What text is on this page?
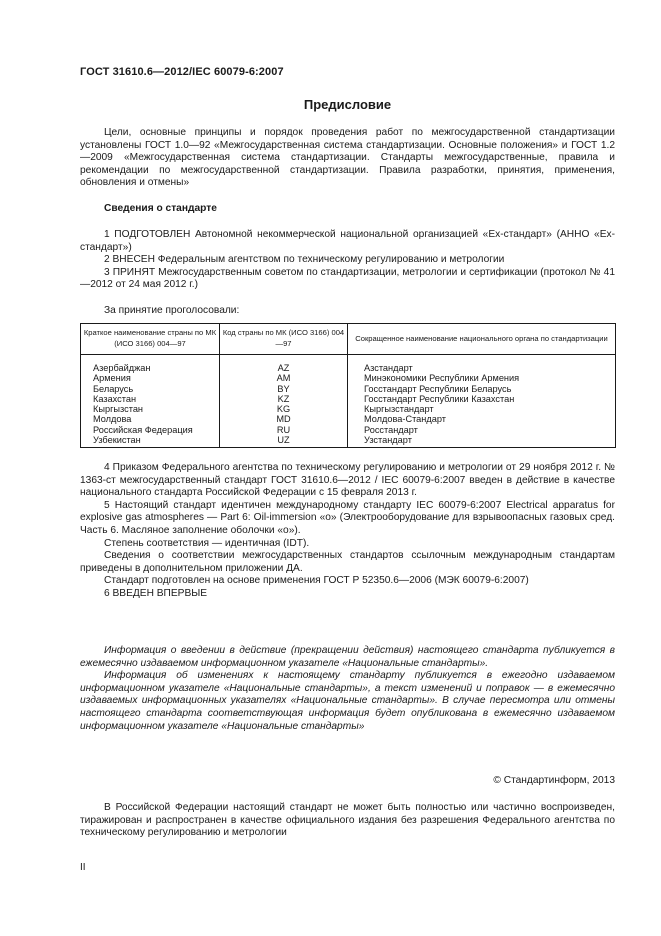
ГОСТ 31610.6—2012/IEC 60079-6:2007
Предисловие

Цели, основные принципы и порядок проведения работ по межгосударственной стандартизации установлены ГОСТ 1.0—92 «Межгосударственная система стандартизации. Основные положения» и ГОСТ 1.2—2009 «Межгосударственная система стандартизации. Стандарты межгосударственные, правила и рекомендации по межгосударственной стандартизации. Правила разработки, принятия, применения, обновления и отмены»

Сведения о стандарте

1 ПОДГОТОВЛЕН Автономной некоммерческой национальной организацией «Ех-стандарт» (АННО «Ех-стандарт»)

2 ВНЕСЕН Федеральным агентством по техническому регулированию и метрологии

3 ПРИНЯТ Межгосударственным советом по стандартизации, метрологии и сертификации (протокол № 41—2012 от 24 мая 2012 г.)

За принятие проголосовали:

Краткое наименование страны по МК (ИСО 3166) 004—97	Код страны по МК (ИСО 3166) 004—97	Сокращенное наименование национального органа по стандартизации
Азербайджан	AZ	Азстандарт
Армения	AM	Минэкономики Республики Армения
Беларусь	BY	Госстандарт Республики Беларусь
Казахстан	KZ	Госстандарт Республики Казахстан
Кыргызстан	KG	Кыргызстандарт
Молдова	MD	Молдова-Стандарт
Российская Федерация	RU	Росстандарт
Узбекистан	UZ	Узстандарт

4 Приказом Федерального агентства по техническому регулированию и метрологии от 29 ноября 2012 г. № 1363-ст межгосударственный стандарт ГОСТ 31610.6—2012 / IEC 60079-6:2007 введен в действие в качестве национального стандарта Российской Федерации с 15 февраля 2013 г.

5 Настоящий стандарт идентичен международному стандарту IEC 60079-6:2007 Electrical apparatus for explosive gas atmospheres — Part 6: Oil-immersion «o» (Электрооборудование для взрывоопасных газовых сред. Часть 6. Масляное заполнение оболочки «о»).

Степень соответствия — идентичная (IDT).

Сведения о соответствии межгосударственных стандартов ссылочным международным стандартам приведены в дополнительном приложении ДА.

Стандарт подготовлен на основе применения ГОСТ Р 52350.6—2006 (МЭК 60079-6:2007)

6 ВВЕДЕН ВПЕРВЫЕ

Информация о введении в действие (прекращении действия) настоящего стандарта публикуется в ежемесячно издаваемом информационном указателе «Национальные стандарты».

Информация об изменениях к настоящему стандарту публикуется в ежегодно издаваемом информационном указателе «Национальные стандарты», а текст изменений и поправок — в ежемесячно издаваемых информационных указателях «Национальные стандарты». В случае пересмотра или отмены настоящего стандарта соответствующая информация будет опубликована в ежемесячно издаваемом информационном указателе «Национальные стандарты»

© Стандартинформ, 2013

В Российской Федерации настоящий стандарт не может быть полностью или частично воспроизведен, тиражирован и распространен в качестве официального издания без разрешения Федерального агентства по техническому регулированию и метрологии

II
